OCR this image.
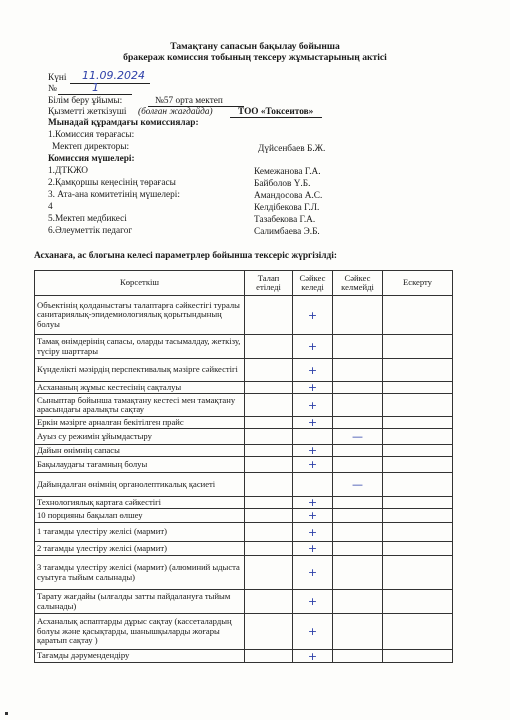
Тамақтану сапасын бақылау бойынша
бракераж комиссия тобының тексеру жұмыстарының актісі
Күні 11.09.2024
№	1
Білім беру ұйымы:	№57 орта мектеп
Қызметті жеткізуші (болған жағдайда)	ТОО «Токсеитов»
Мынадай құрамдағы комиссиялар:
1.Комиссия төрағасы:
Мектеп директоры:	Дүйсенбаев Б.Ж.
Комиссия мүшелері:
1.ДТКЖО	Кемежанова Г.А.
2.Қамқоршы кеңесінің төрағасы	Байболов Ү.Б.
3. Ата-ана комитетінің мүшелері:	Амандосова А.С.
4	Келдібекова Г.Л.
5.Мектеп медбикесі	Тазабекова Г.А.
6.Әлеуметтік педагог	Салимбаева Э.Б.
Асханаға, ас блогына келесі параметрлер бойынша тексеріс жүргізілді:
Көрсеткіш	Талап етіледі	Сәйкес келеді	Сәйкес келмейді	Ескерту
Объектінің қолданыстағы талаптарға сәйкестігі туралы санитариялық-эпидемиологиялық қорытындының болуы		+		

Тамақ өнімдерінің сапасы, оларды тасымалдау, жеткізу, түсіру шарттары		+		

Күнделікті мәзірдің перспективалық мәзірге сәйкестігі		+		

Асхананың жұмыс кестесінің сақталуы		+		

Сыныптар бойынша тамақтану кестесі мен тамақтану арасындағы аралықты сақтау		+		

Еркін мәзірге арналған бекітілген прайс		+		

Ауыз су режимін ұйымдастыру			—	

Дайын өнімнің сапасы		+		

Бақылаудағы тағамның болуы		+		

Дайындалған өнімнің органолептикалық қасиеті			—	

Технологиялық картаға сәйкестігі		+		

10 порцияны бақылап өлшеу		+		

1 тағамды үлестіру желісі (мармит)		+		

2 тағамды үлестіру желісі (мармит)		+		

3 тағамды үлестіру желісі (мармит) (алюминий ыдыста суытуға тыйым салынады)		+		

Тарату жағдайы (ылғалды затты пайдалануға тыйым салынады)		+		

Асханалық аспаптарды дұрыс сақтау (кассеталардың болуы және қасықтарды, шанышқыларды жоғары қаратып сақтау )		+		

Тағамды дәрумендендіру		+		
